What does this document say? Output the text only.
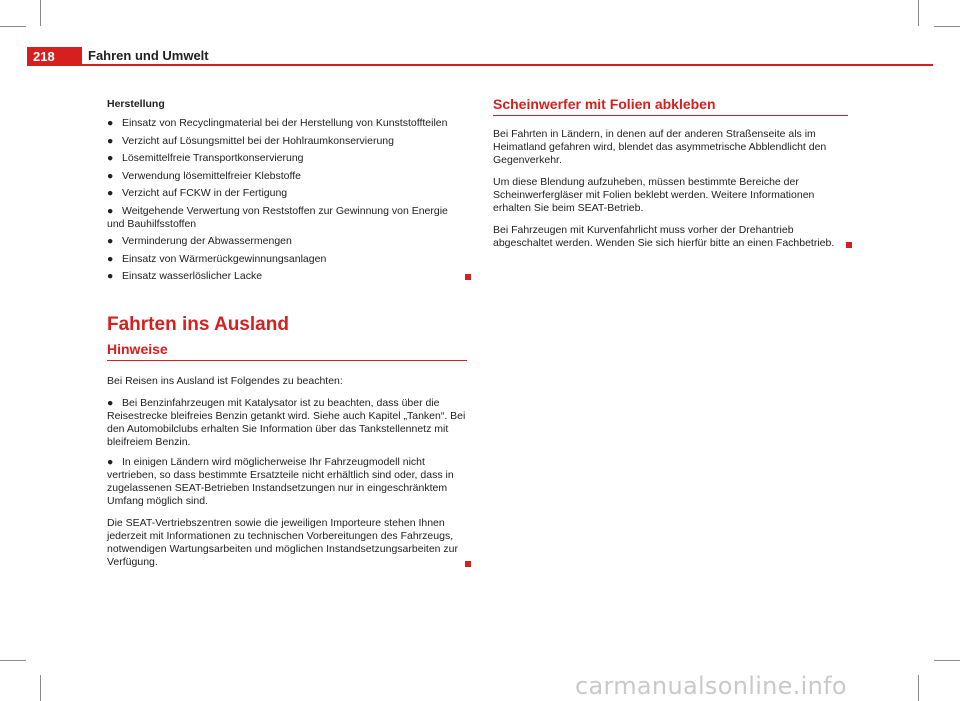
218	Fahren und Umwelt
Herstellung
● Einsatz von Recyclingmaterial bei der Herstellung von Kunststoffteilen
● Verzicht auf Lösungsmittel bei der Hohlraumkonservierung
● Lösemittelfreie Transportkonservierung
● Verwendung lösemittelfreier Klebstoffe
● Verzicht auf FCKW in der Fertigung
● Weitgehende Verwertung von Reststoffen zur Gewinnung von Energie und Bauhilfsstoffen
● Verminderung der Abwassermengen
● Einsatz von Wärmerückgewinnungsanlagen
● Einsatz wasserlöslicher Lacke
Fahrten ins Ausland
Hinweise

Bei Reisen ins Ausland ist Folgendes zu beachten:

● Bei Benzinfahrzeugen mit Katalysator ist zu beachten, dass über die Reisestrecke bleifreies Benzin getankt wird. Siehe auch Kapitel „Tanken“. Bei den Automobilclubs erhalten Sie Information über das Tankstellennetz mit bleifreiem Benzin.
● In einigen Ländern wird möglicherweise Ihr Fahrzeugmodell nicht vertrieben, so dass bestimmte Ersatzteile nicht erhältlich sind oder, dass in zugelassenen SEAT-Betrieben Instandsetzungen nur in eingeschränktem Umfang möglich sind.

Die SEAT-Vertriebszentren sowie die jeweiligen Importeure stehen Ihnen jederzeit mit Informationen zu technischen Vorbereitungen des Fahrzeugs, notwendigen Wartungsarbeiten und möglichen Instandsetzungsarbeiten zur Verfügung.

Scheinwerfer mit Folien abkleben

Bei Fahrten in Ländern, in denen auf der anderen Straßenseite als im Heimatland gefahren wird, blendet das asymmetrische Abblendlicht den Gegenverkehr.

Um diese Blendung aufzuheben, müssen bestimmte Bereiche der Scheinwerfergläser mit Folien beklebt werden. Weitere Informationen erhalten Sie beim SEAT-Betrieb.

Bei Fahrzeugen mit Kurvenfahrlicht muss vorher der Drehantrieb abgeschaltet werden. Wenden Sie sich hierfür bitte an einen Fachbetrieb.

carmanualsonline.info
